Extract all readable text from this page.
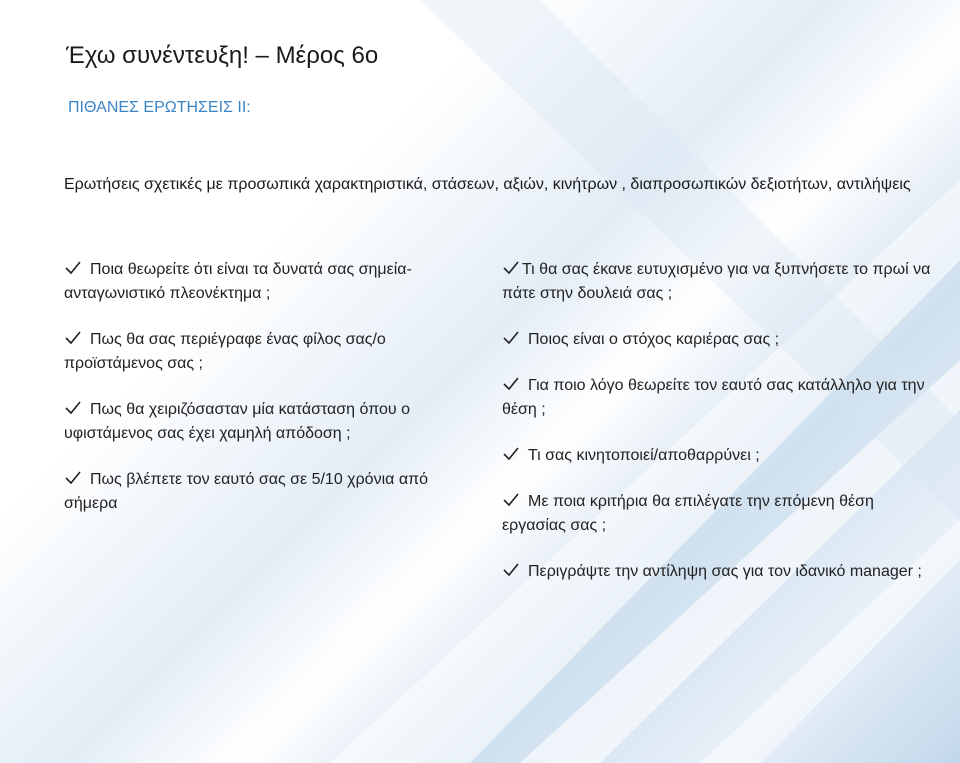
Έχω συνέντευξη! – Μέρος 6ο
ΠΙΘΑΝΕΣ ΕΡΩΤΗΣΕΙΣ ΙΙ:
Ερωτήσεις σχετικές με προσωπικά χαρακτηριστικά, στάσεων, αξιών, κινήτρων , διαπροσωπικών δεξιοτήτων, αντιλήψεις

Ποια θεωρείτε ότι είναι τα δυνατά σας σημεία-ανταγωνιστικό πλεονέκτημα ;

Πως θα σας περιέγραφε ένας φίλος σας/ο προϊστάμενος σας ;

Πως θα χειριζόσασταν μία κατάσταση όπου ο υφιστάμενος σας έχει χαμηλή απόδοση ;

Πως βλέπετε τον εαυτό σας σε 5/10 χρόνια από σήμερα

Τι θα σας έκανε ευτυχισμένο για να ξυπνήσετε το πρωί να πάτε στην δουλειά σας ;

Ποιος είναι ο στόχος καριέρας σας ;

Για ποιο λόγο θεωρείτε τον εαυτό σας κατάλληλο για την θέση ;

Τι σας κινητοποιεί/αποθαρρύνει ;

Με ποια κριτήρια θα επιλέγατε την επόμενη θέση εργασίας σας ;

Περιγράψτε την αντίληψη σας για τον ιδανικό manager ;
